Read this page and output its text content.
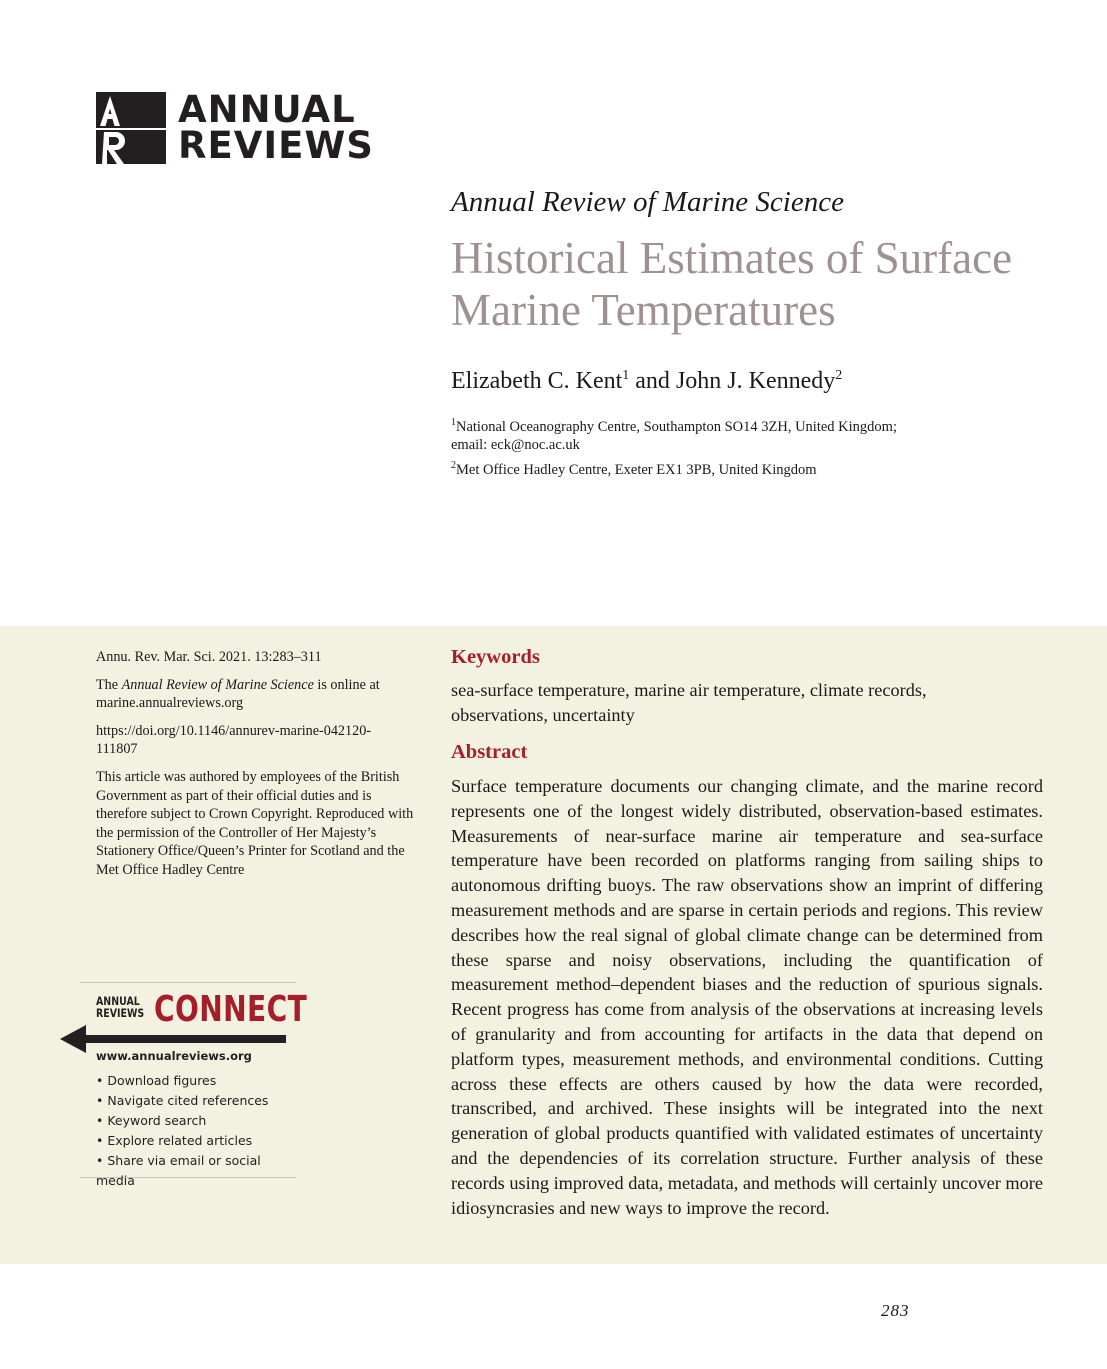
ANNUAL
REVIEWS
Annual Review of Marine Science
Historical Estimates of Surface Marine Temperatures
Elizabeth C. Kent$^1$ and John J. Kennedy$^2$
$^1$National Oceanography Centre, Southampton SO14 3ZH, United Kingdom;
email: eck@noc.ac.uk
$^2$Met Office Hadley Centre, Exeter EX1 3PB, United Kingdom

Annu. Rev. Mar. Sci. 2021. 13:283–311

The Annual Review of Marine Science is online at
marine.annualreviews.org

https://doi.org/10.1146/annurev-marine-042120-
111807

This article was authored by employees of the British Government as part of their official duties and is therefore subject to Crown Copyright. Reproduced with the permission of the Controller of Her Majesty’s Stationery Office/Queen’s Printer for Scotland and the Met Office Hadley Centre

ANNUAL
REVIEWS CONNECT
www.annualreviews.org
• Download figures
• Navigate cited references
• Keyword search
• Explore related articles
• Share via email or social media
Keywords
sea-surface temperature, marine air temperature, climate records,
observations, uncertainty
Abstract

Surface temperature documents our changing climate, and the marine record represents one of the longest widely distributed, observation-based estimates. Measurements of near-surface marine air temperature and sea-surface temperature have been recorded on platforms ranging from sailing ships to autonomous drifting buoys. The raw observations show an imprint of differing measurement methods and are sparse in certain periods and regions. This review describes how the real signal of global climate change can be determined from these sparse and noisy observations, including the quantification of measurement method–dependent biases and the reduction of spurious signals. Recent progress has come from analysis of the observations at increasing levels of granularity and from accounting for artifacts in the data that depend on platform types, measurement methods, and environmental conditions. Cutting across these effects are others caused by how the data were recorded, transcribed, and archived. These insights will be integrated into the next generation of global products quantified with validated estimates of uncertainty and the dependencies of its correlation structure. Further analysis of these records using improved data, metadata, and methods will certainly uncover more idiosyncrasies and new ways to improve the record.

283
